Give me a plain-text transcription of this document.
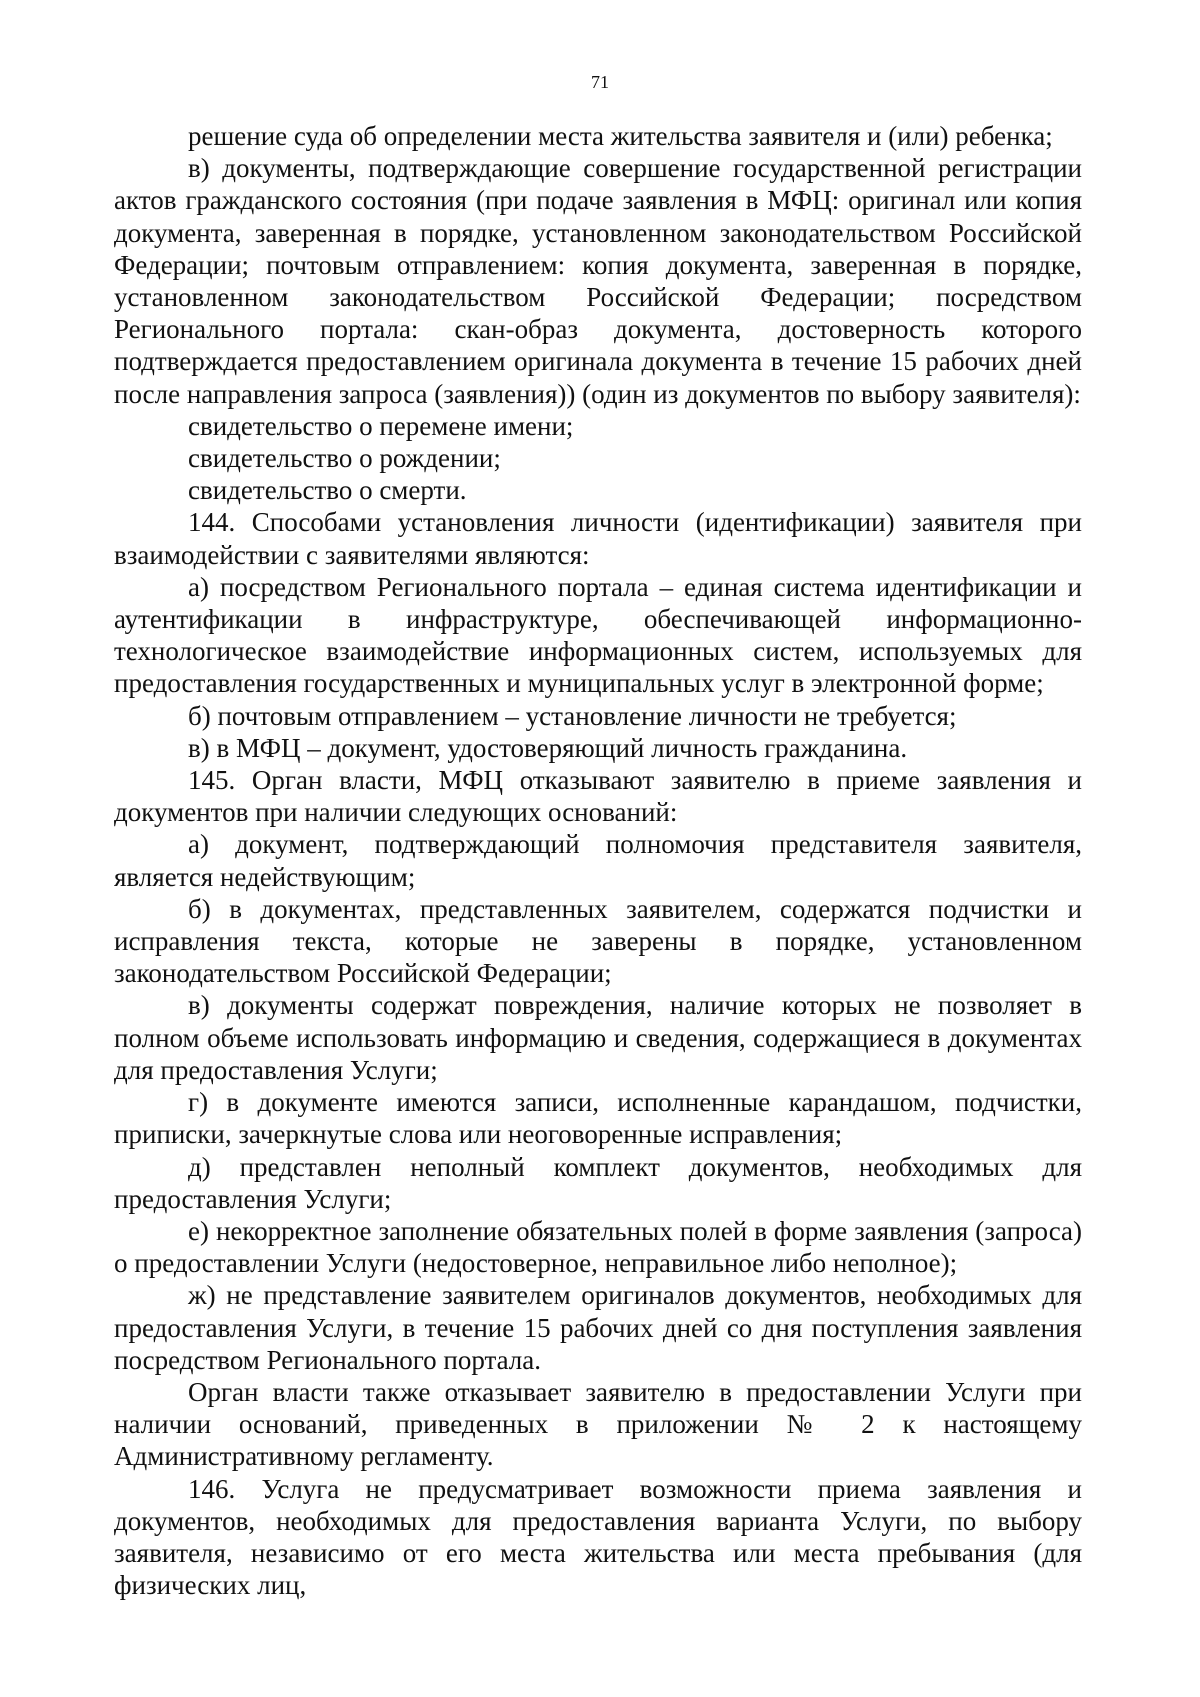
71

решение суда об определении места жительства заявителя и (или) ребенка;

в) документы, подтверждающие совершение государственной регистрации актов гражданского состояния (при подаче заявления в МФЦ: оригинал или копия документа, заверенная в порядке, установленном законодательством Российской Федерации; почтовым отправлением: копия документа, заверенная в порядке, установленном законодательством Российской Федерации; посредством Регионального портала: скан-образ документа, достоверность которого подтверждается предоставлением оригинала документа в течение 15 рабочих дней после направления запроса (заявления)) (один из документов по выбору заявителя):

свидетельство о перемене имени;

свидетельство о рождении;

свидетельство о смерти.

144. Способами установления личности (идентификации) заявителя при взаимодействии с заявителями являются:

а) посредством Регионального портала – единая система идентификации и аутентификации в инфраструктуре, обеспечивающей информационно-технологическое взаимодействие информационных систем, используемых для предоставления государственных и муниципальных услуг в электронной форме;

б) почтовым отправлением – установление личности не требуется;

в) в МФЦ – документ, удостоверяющий личность гражданина.

145. Орган власти, МФЦ отказывают заявителю в приеме заявления и документов при наличии следующих оснований:

а) документ, подтверждающий полномочия представителя заявителя, является недействующим;

б) в документах, представленных заявителем, содержатся подчистки и исправления текста, которые не заверены в порядке, установленном законодательством Российской Федерации;

в) документы содержат повреждения, наличие которых не позволяет в полном объеме использовать информацию и сведения, содержащиеся в документах для предоставления Услуги;

г) в документе имеются записи, исполненные карандашом, подчистки, приписки, зачеркнутые слова или неоговоренные исправления;

д) представлен неполный комплект документов, необходимых для предоставления Услуги;

е) некорректное заполнение обязательных полей в форме заявления (запроса) о предоставлении Услуги (недостоверное, неправильное либо неполное);

ж) не представление заявителем оригиналов документов, необходимых для предоставления Услуги, в течение 15 рабочих дней со дня поступления заявления посредством Регионального портала.

Орган власти также отказывает заявителю в предоставлении Услуги при наличии оснований, приведенных в приложении № 2 к настоящему Административному регламенту.

146. Услуга не предусматривает возможности приема заявления и документов, необходимых для предоставления варианта Услуги, по выбору заявителя, независимо от его места жительства или места пребывания (для физических лиц,
